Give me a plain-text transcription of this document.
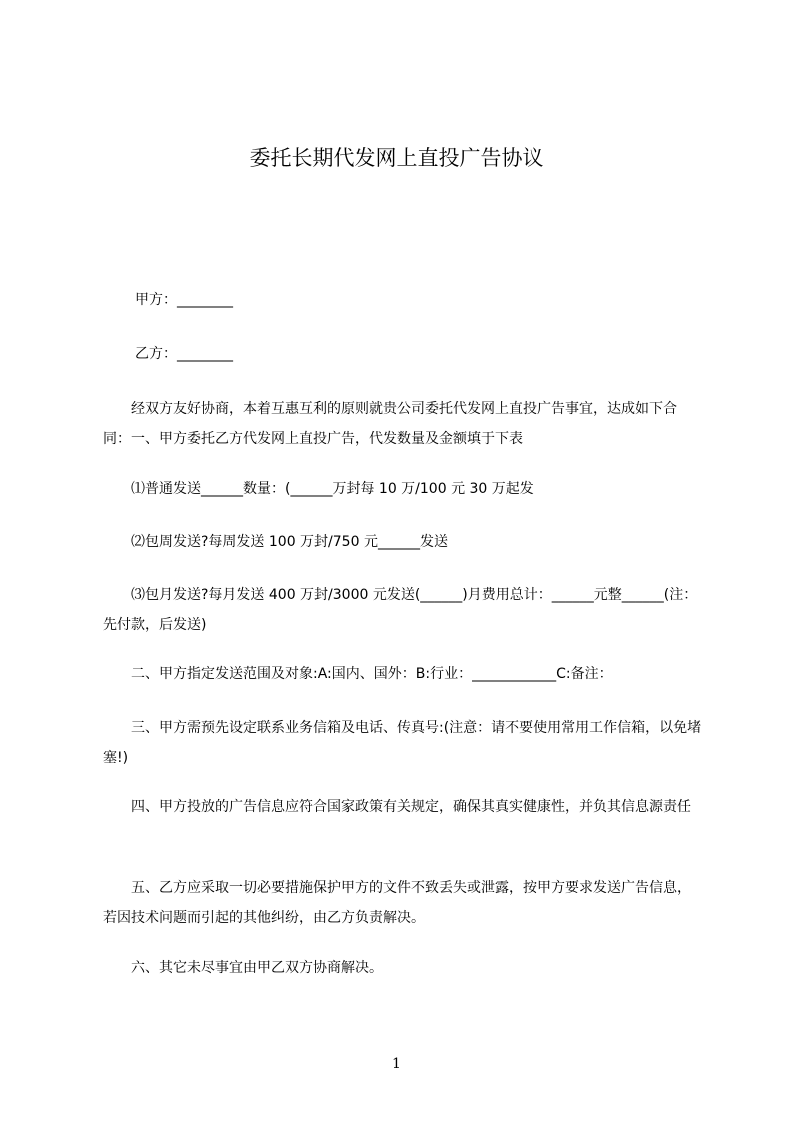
委托长期代发网上直投广告协议
甲方：________
乙方：________
　　经双方友好协商，本着互惠互利的原则就贵公司委托代发网上直投广告事宜，达成如下合同：一、甲方委托乙方代发网上直投广告，代发数量及金额填于下表
　　⑴普通发送______数量：(______万封每 10 万/100 元 30 万起发
　　⑵包周发送?每周发送 100 万封/750 元______发送
　　⑶包月发送?每月发送 400 万封/3000 元发送(______)月费用总计：______元整______(注：先付款，后发送)
　　二、甲方指定发送范围及对象:A:国内、国外：B:行业：____________C:备注：
　　三、甲方需预先设定联系业务信箱及电话、传真号:(注意：请不要使用常用工作信箱，以免堵塞!)
　　四、甲方投放的广告信息应符合国家政策有关规定，确保其真实健康性，并负其信息源责任
　　五、乙方应采取一切必要措施保护甲方的文件不致丢失或泄露，按甲方要求发送广告信息，若因技术问题而引起的其他纠纷，由乙方负责解决。
　　六、其它未尽事宜由甲乙双方协商解决。
1
